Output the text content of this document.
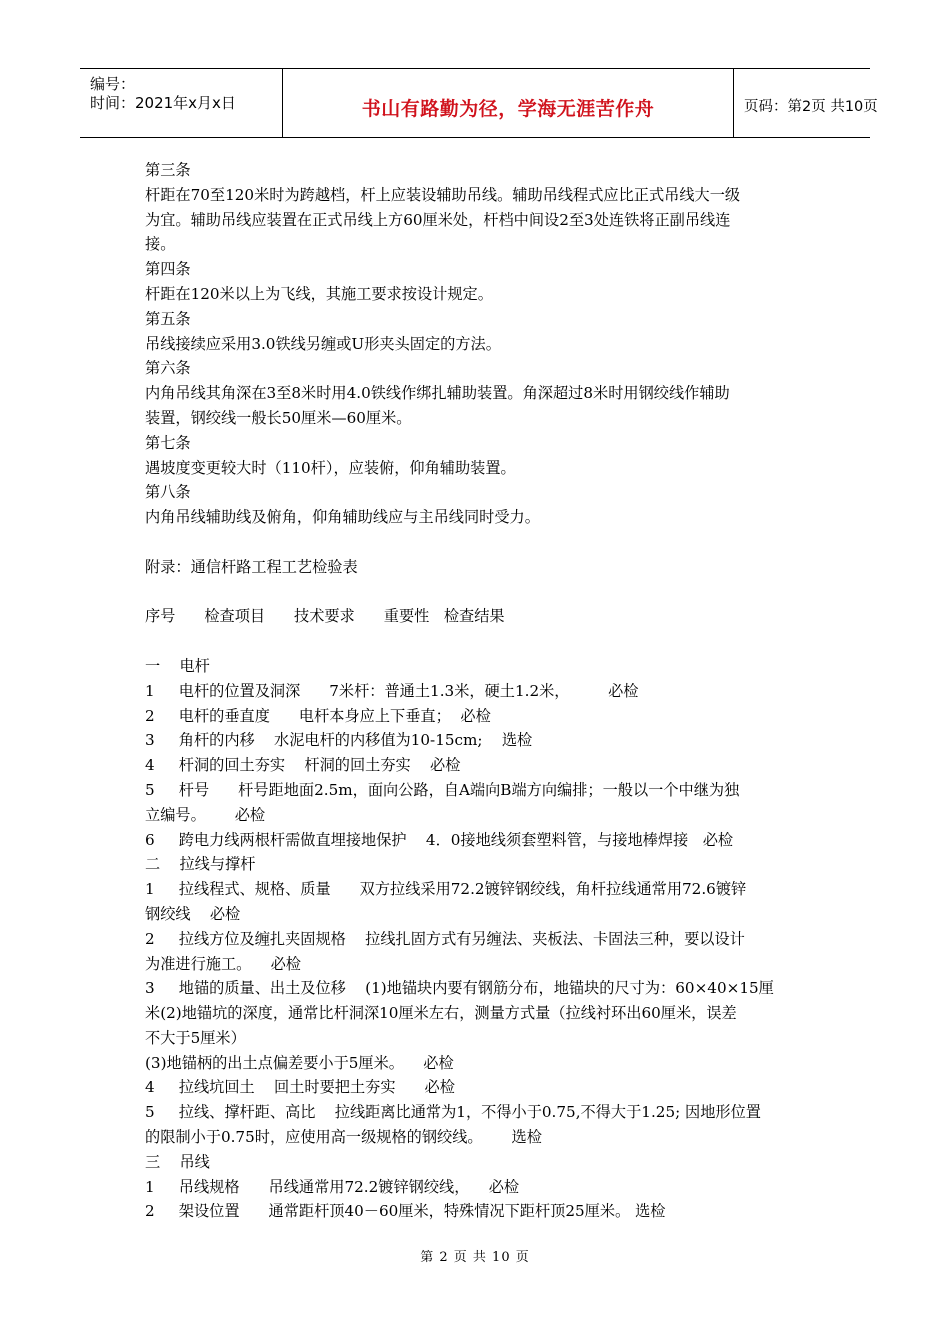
编号：
时间：2021年x月x日	书山有路勤为径，学海无涯苦作舟	页码：第2页 共10页
第三条
杆距在70至120米时为跨越档，杆上应装设辅助吊线。辅助吊线程式应比正式吊线大一级
为宜。辅助吊线应装置在正式吊线上方60厘米处，杆档中间设2至3处连铁将正副吊线连
接。
第四条
杆距在120米以上为飞线，其施工要求按设计规定。
第五条
吊线接续应采用3.0铁线另缠或U形夹头固定的方法。
第六条
内角吊线其角深在3至8米时用4.0铁线作绑扎辅助装置。角深超过8米时用钢绞线作辅助
装置，钢绞线一般长50厘米—60厘米。
第七条
遇坡度变更较大时（110杆），应装俯，仰角辅助装置。
第八条
内角吊线辅助线及俯角，仰角辅助线应与主吊线同时受力。
附录：通信杆路工程工艺检验表
序号      检查项目      技术要求      重要性   检查结果
一    电杆
1     电杆的位置及洞深      7米杆：普通土1.3米，硬土1.2米，        必检
2     电杆的垂直度      电杆本身应上下垂直；  必检
3     角杆的内移    水泥电杆的内移值为10-15cm;    选检
4     杆洞的回土夯实    杆洞的回土夯实    必检
5     杆号      杆号距地面2.5m，面向公路，自A端向B端方向编排；一般以一个中继为独
立编号。      必检
6     跨电力线两根杆需做直埋接地保护    4．0接地线须套塑料管，与接地棒焊接   必检
二    拉线与撑杆
1     拉线程式、规格、质量      双方拉线采用72.2镀锌钢绞线，角杆拉线通常用72.6镀锌
钢绞线    必检
2     拉线方位及缠扎夹固规格    拉线扎固方式有另缠法、夹板法、卡固法三种，要以设计
为准进行施工。    必检
3     地锚的质量、出土及位移    (1)地锚块内要有钢筋分布，地锚块的尺寸为：60×40×15厘
米(2)地锚坑的深度，通常比杆洞深10厘米左右，测量方式量（拉线衬环出60厘米，误差
不大于5厘米）
(3)地锚柄的出土点偏差要小于5厘米。    必检
4     拉线坑回土    回土时要把土夯实      必检
5     拉线、撑杆距、高比    拉线距离比通常为1，不得小于0.75,不得大于1.25; 因地形位置
的限制小于0.75时，应使用高一级规格的钢绞线。      选检
三    吊线
1     吊线规格      吊线通常用72.2镀锌钢绞线，    必检
2     架设位置      通常距杆顶40－60厘米，特殊情况下距杆顶25厘米。 选检
第 2 页 共 10 页
